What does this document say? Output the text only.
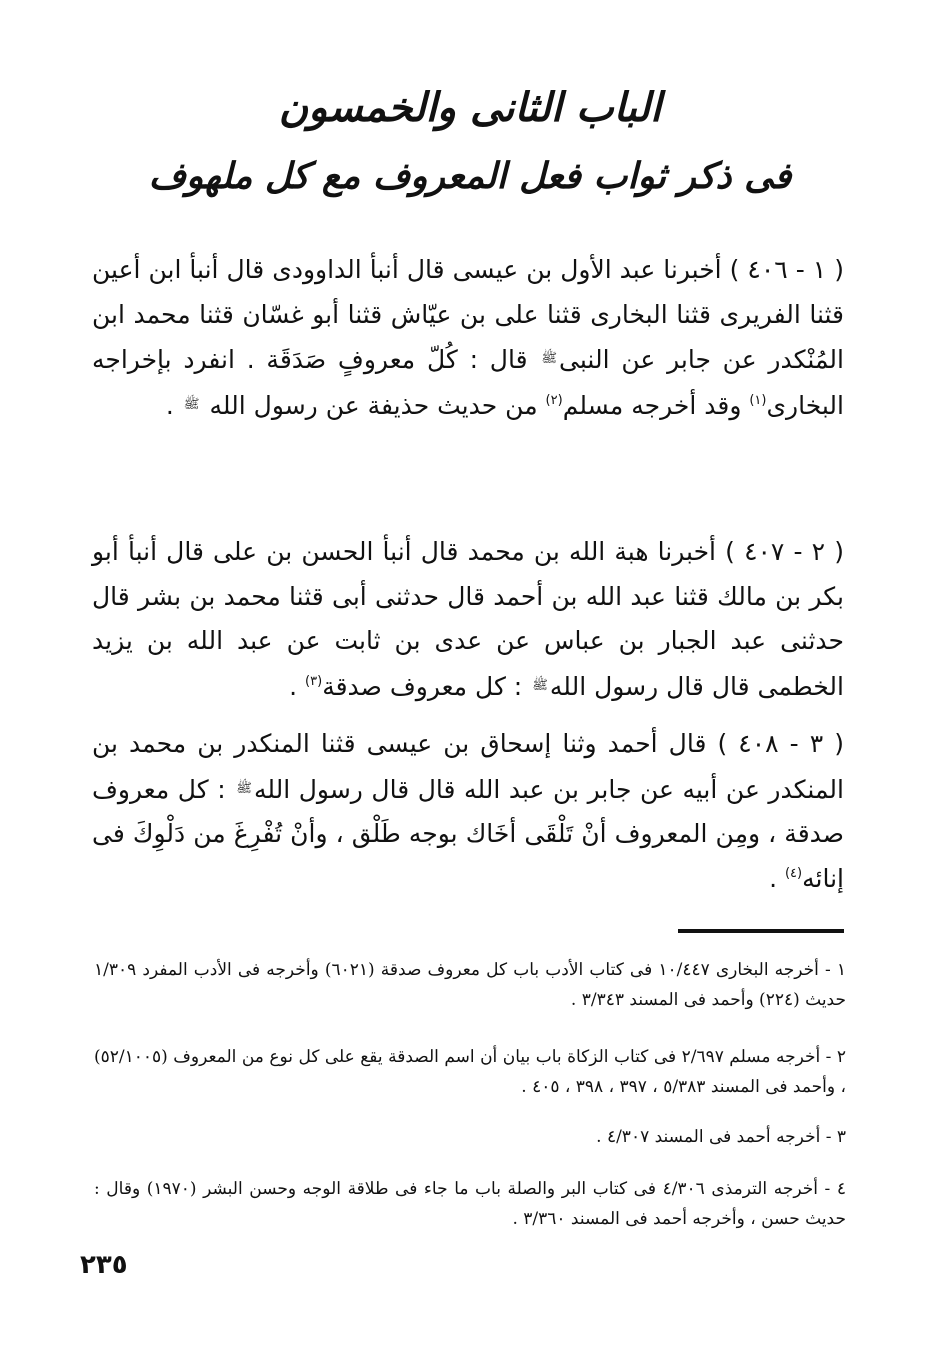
الباب الثانى والخمسون
فى ذكر ثواب فعل المعروف مع كل ملهوف

( ١ - ٤٠٦ ) أخبرنا عبد الأول بن عيسى قال أنبأ الداوودى قال أنبأ ابن أعين قثنا الفريرى قثنا البخارى قثنا على بن عيّاش قثنا أبو غسّان قثنا محمد ابن المُنْكدر عن جابر عن النبى$^ﷺ$ قال : كُلّ معروفٍ صَدَقَة . انفرد بإخراجه البخارى$^{(١)}$ وقد أخرجه مسلم$^{(٢)}$ من حديث حذيفة عن رسول الله $^ﷺ$ .

( ٢ - ٤٠٧ ) أخبرنا هبة الله بن محمد قال أنبأ الحسن بن على قال أنبأ أبو بكر بن مالك قثنا عبد الله بن أحمد قال حدثنى أبى قثنا محمد بن بشر قال حدثنى عبد الجبار بن عباس عن عدى بن ثابت عن عبد الله بن يزيد الخطمى قال قال رسول الله$^ﷺ$ : كل معروف صدقة$^{(٣)}$ .

( ٣ - ٤٠٨ ) قال أحمد وثنا إسحاق بن عيسى قثنا المنكدر بن محمد بن المنكدر عن أبيه عن جابر بن عبد الله قال قال رسول الله$^ﷺ$ : كل معروف صدقة ، ومِن المعروف أنْ تَلْقَى أخَاك بوجه طَلْق ، وأنْ تُفْرِغَ من دَلْوِكَ فى إنائه$^{(٤)}$ .

١ - أخرجه البخارى ١٠/٤٤٧ فى كتاب الأدب باب كل معروف صدقة (٦٠٢١) وأخرجه فى الأدب المفرد ١/٣٠٩ حديث (٢٢٤) وأحمد فى المسند ٣/٣٤٣ .

٢ - أخرجه مسلم ٢/٦٩٧ فى كتاب الزكاة باب بيان أن اسم الصدقة يقع على كل نوع من المعروف (٥٢/١٠٠٥) ، وأحمد فى المسند ٥/٣٨٣ ، ٣٩٧ ، ٣٩٨ ، ٤٠٥ .

٣ - أخرجه أحمد فى المسند ٤/٣٠٧ .

٤ - أخرجه الترمذى ٤/٣٠٦ فى كتاب البر والصلة باب ما جاء فى طلاقة الوجه وحسن البشر (١٩٧٠) وقال : حديث حسن ، وأخرجه أحمد فى المسند ٣/٣٦٠ .

٢٣٥
